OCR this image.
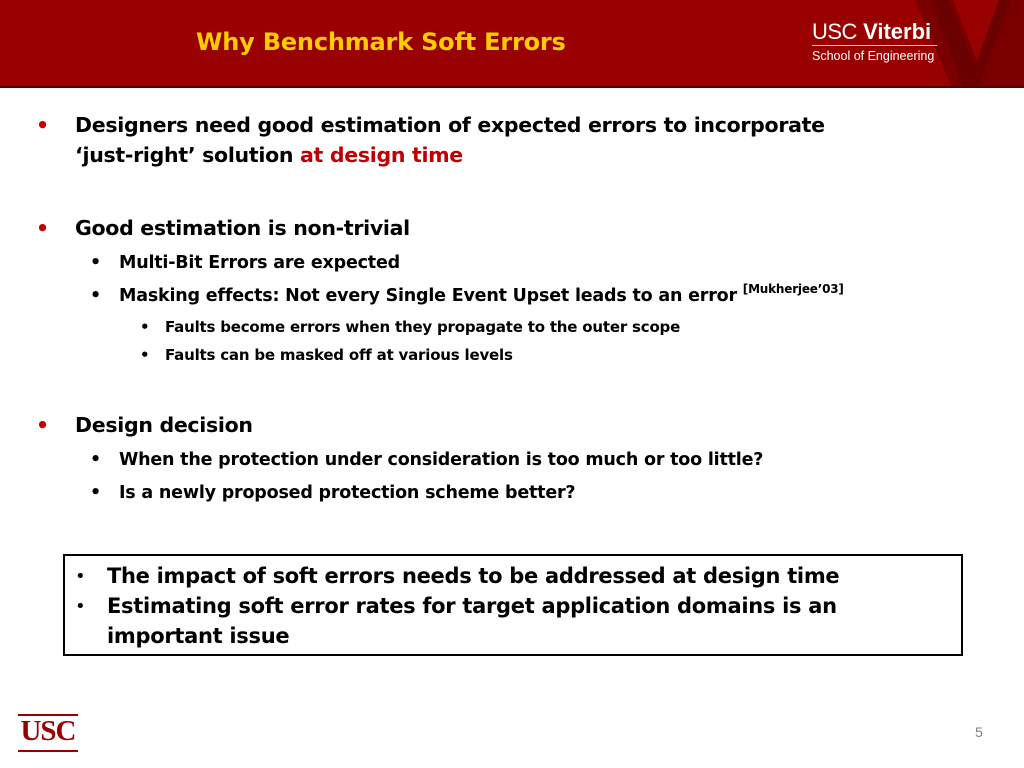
Why Benchmark Soft Errors	USC Viterbi
School of Engineering
• Designers need good estimation of expected errors to incorporate
‘just-right’ solution at design time
• Good estimation is non-trivial
• Multi-Bit Errors are expected
• Masking effects: Not every Single Event Upset leads to an error [Mukherjee’03]
• Faults become errors when they propagate to the outer scope
• Faults can be masked off at various levels
• Design decision
• When the protection under consideration is too much or too little?
• Is a newly proposed protection scheme better?
• The impact of soft errors needs to be addressed at design time
• Estimating soft error rates for target application domains is an
important issue
USC	5
